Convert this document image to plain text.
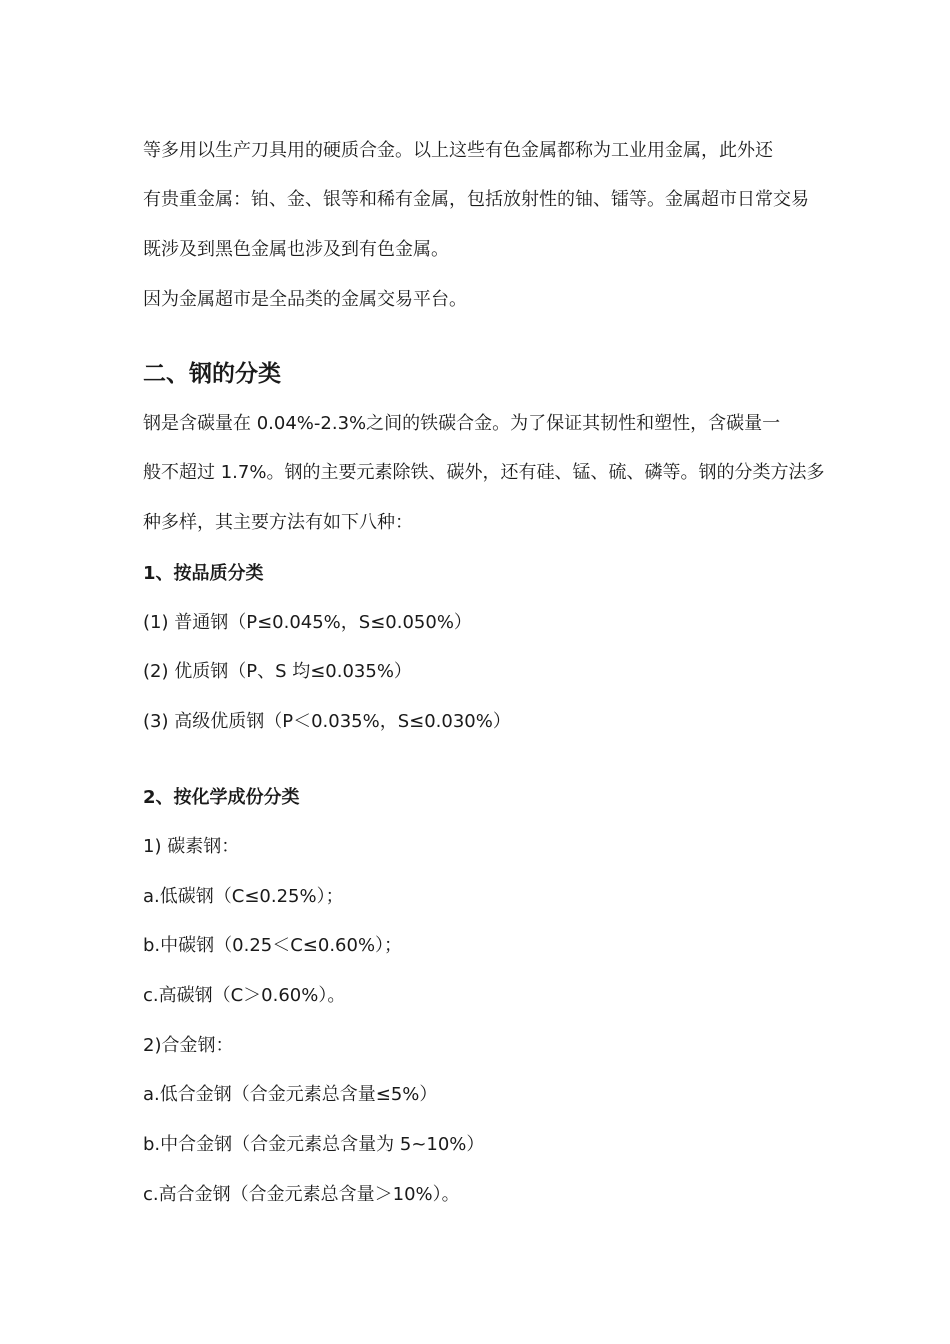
等多用以生产刀具用的硬质合金。以上这些有色金属都称为工业用金属，此外还
有贵重金属：铂、金、银等和稀有金属，包括放射性的铀、镭等。金属超市日常交易
既涉及到黑色金属也涉及到有色金属。
因为金属超市是全品类的金属交易平台。
二、钢的分类
钢是含碳量在 0.04%-2.3%之间的铁碳合金。为了保证其韧性和塑性，含碳量一
般不超过 1.7%。钢的主要元素除铁、碳外，还有硅、锰、硫、磷等。钢的分类方法多
种多样，其主要方法有如下八种：
1、按品质分类
(1) 普通钢（P≤0.045%，S≤0.050%）
(2) 优质钢（P、S 均≤0.035%）
(3) 高级优质钢（P＜0.035%，S≤0.030%）
2、按化学成份分类
1) 碳素钢：
a.低碳钢（C≤0.25%）；
b.中碳钢（0.25＜C≤0.60%）；
c.高碳钢（C＞0.60%）。
2)合金钢：
a.低合金钢（合金元素总含量≤5%）
b.中合金钢（合金元素总含量为 5~10%）
c.高合金钢（合金元素总含量＞10%）。
